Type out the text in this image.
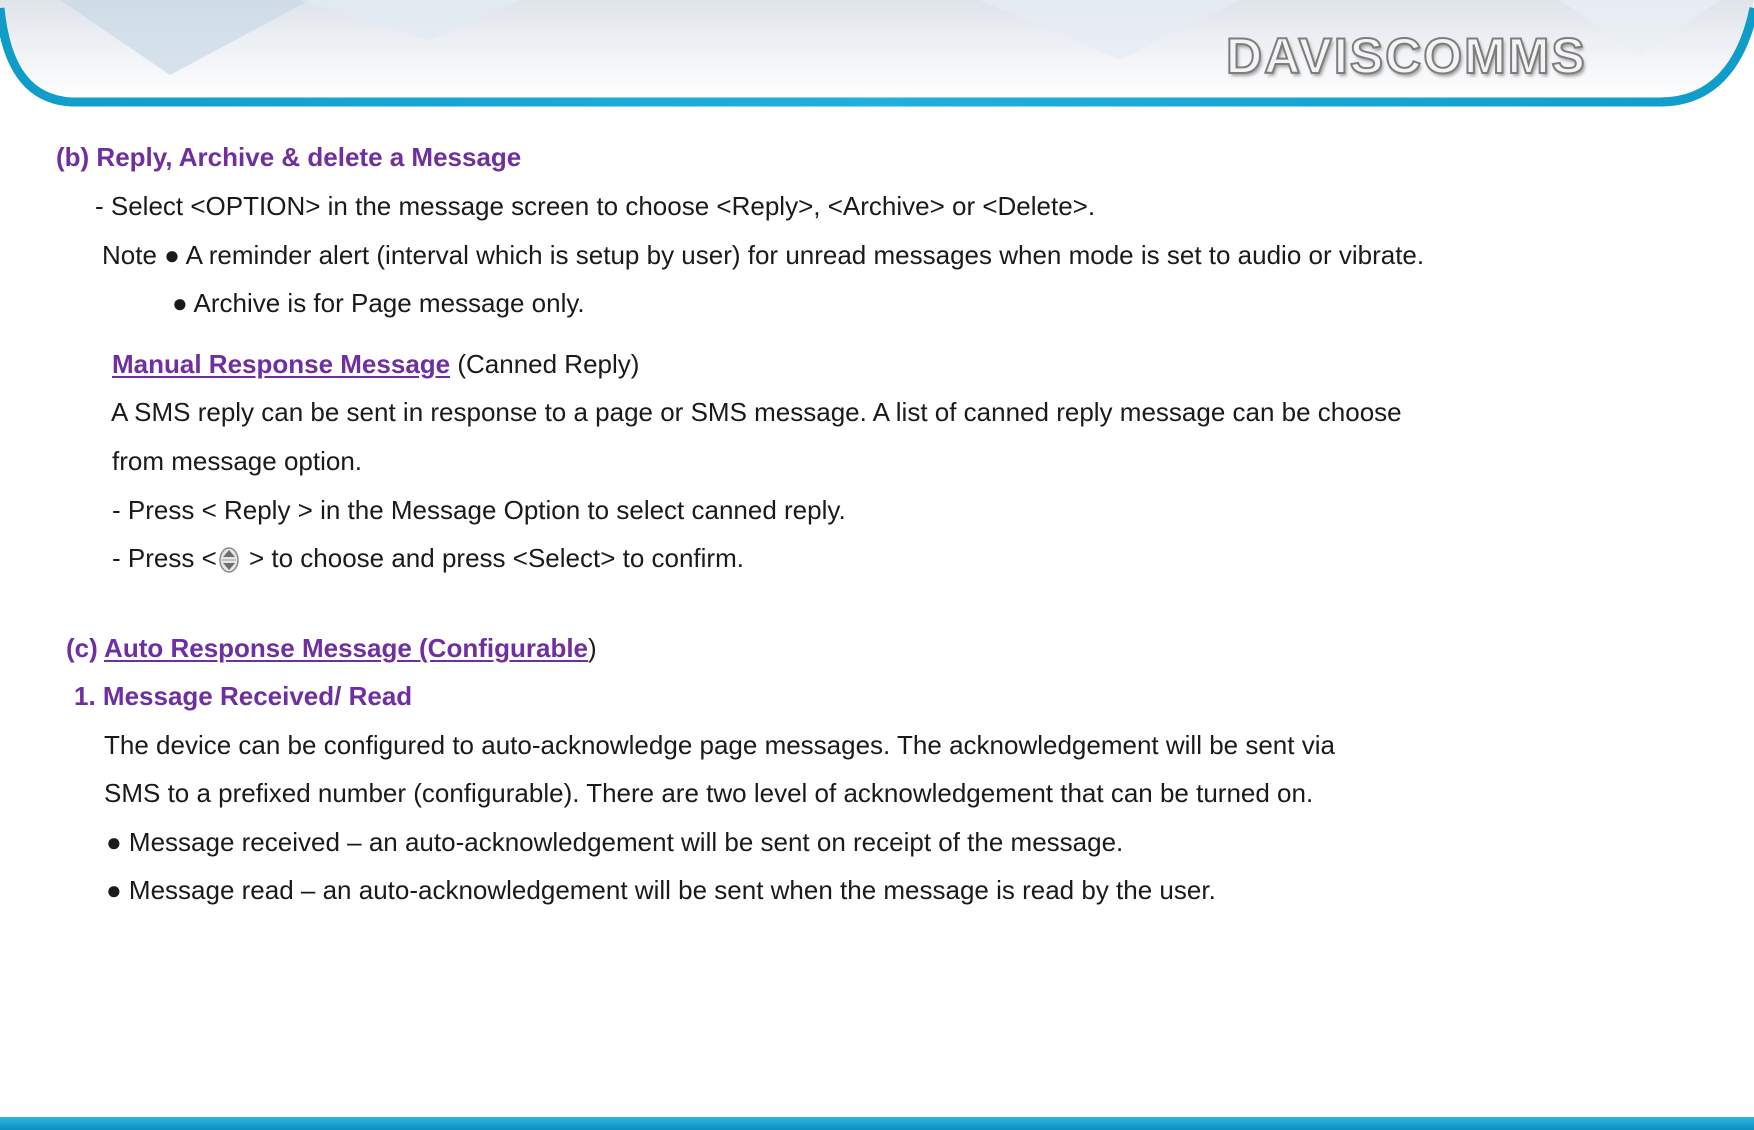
DAVISCOMMS
(b) Reply, Archive & delete a Message
- Select <OPTION> in the message screen to choose <Reply>, <Archive> or <Delete>.
Note ● A reminder alert (interval which is setup by user) for unread messages when mode is set to audio or vibrate.
● Archive is for Page message only.
Manual Response Message (Canned Reply)
A SMS reply can be sent in response to a page or SMS message. A list of canned reply message can be choose
from message option.
- Press < Reply > in the Message Option to select canned reply.
- Press < > to choose and press <Select> to confirm.
(c) Auto Response Message (Configurable)
1. Message Received/ Read
The device can be configured to auto-acknowledge page messages. The acknowledgement will be sent via
SMS to a prefixed number (configurable). There are two level of acknowledgement that can be turned on.
● Message received – an auto-acknowledgement will be sent on receipt of the message.
● Message read – an auto-acknowledgement will be sent when the message is read by the user.
